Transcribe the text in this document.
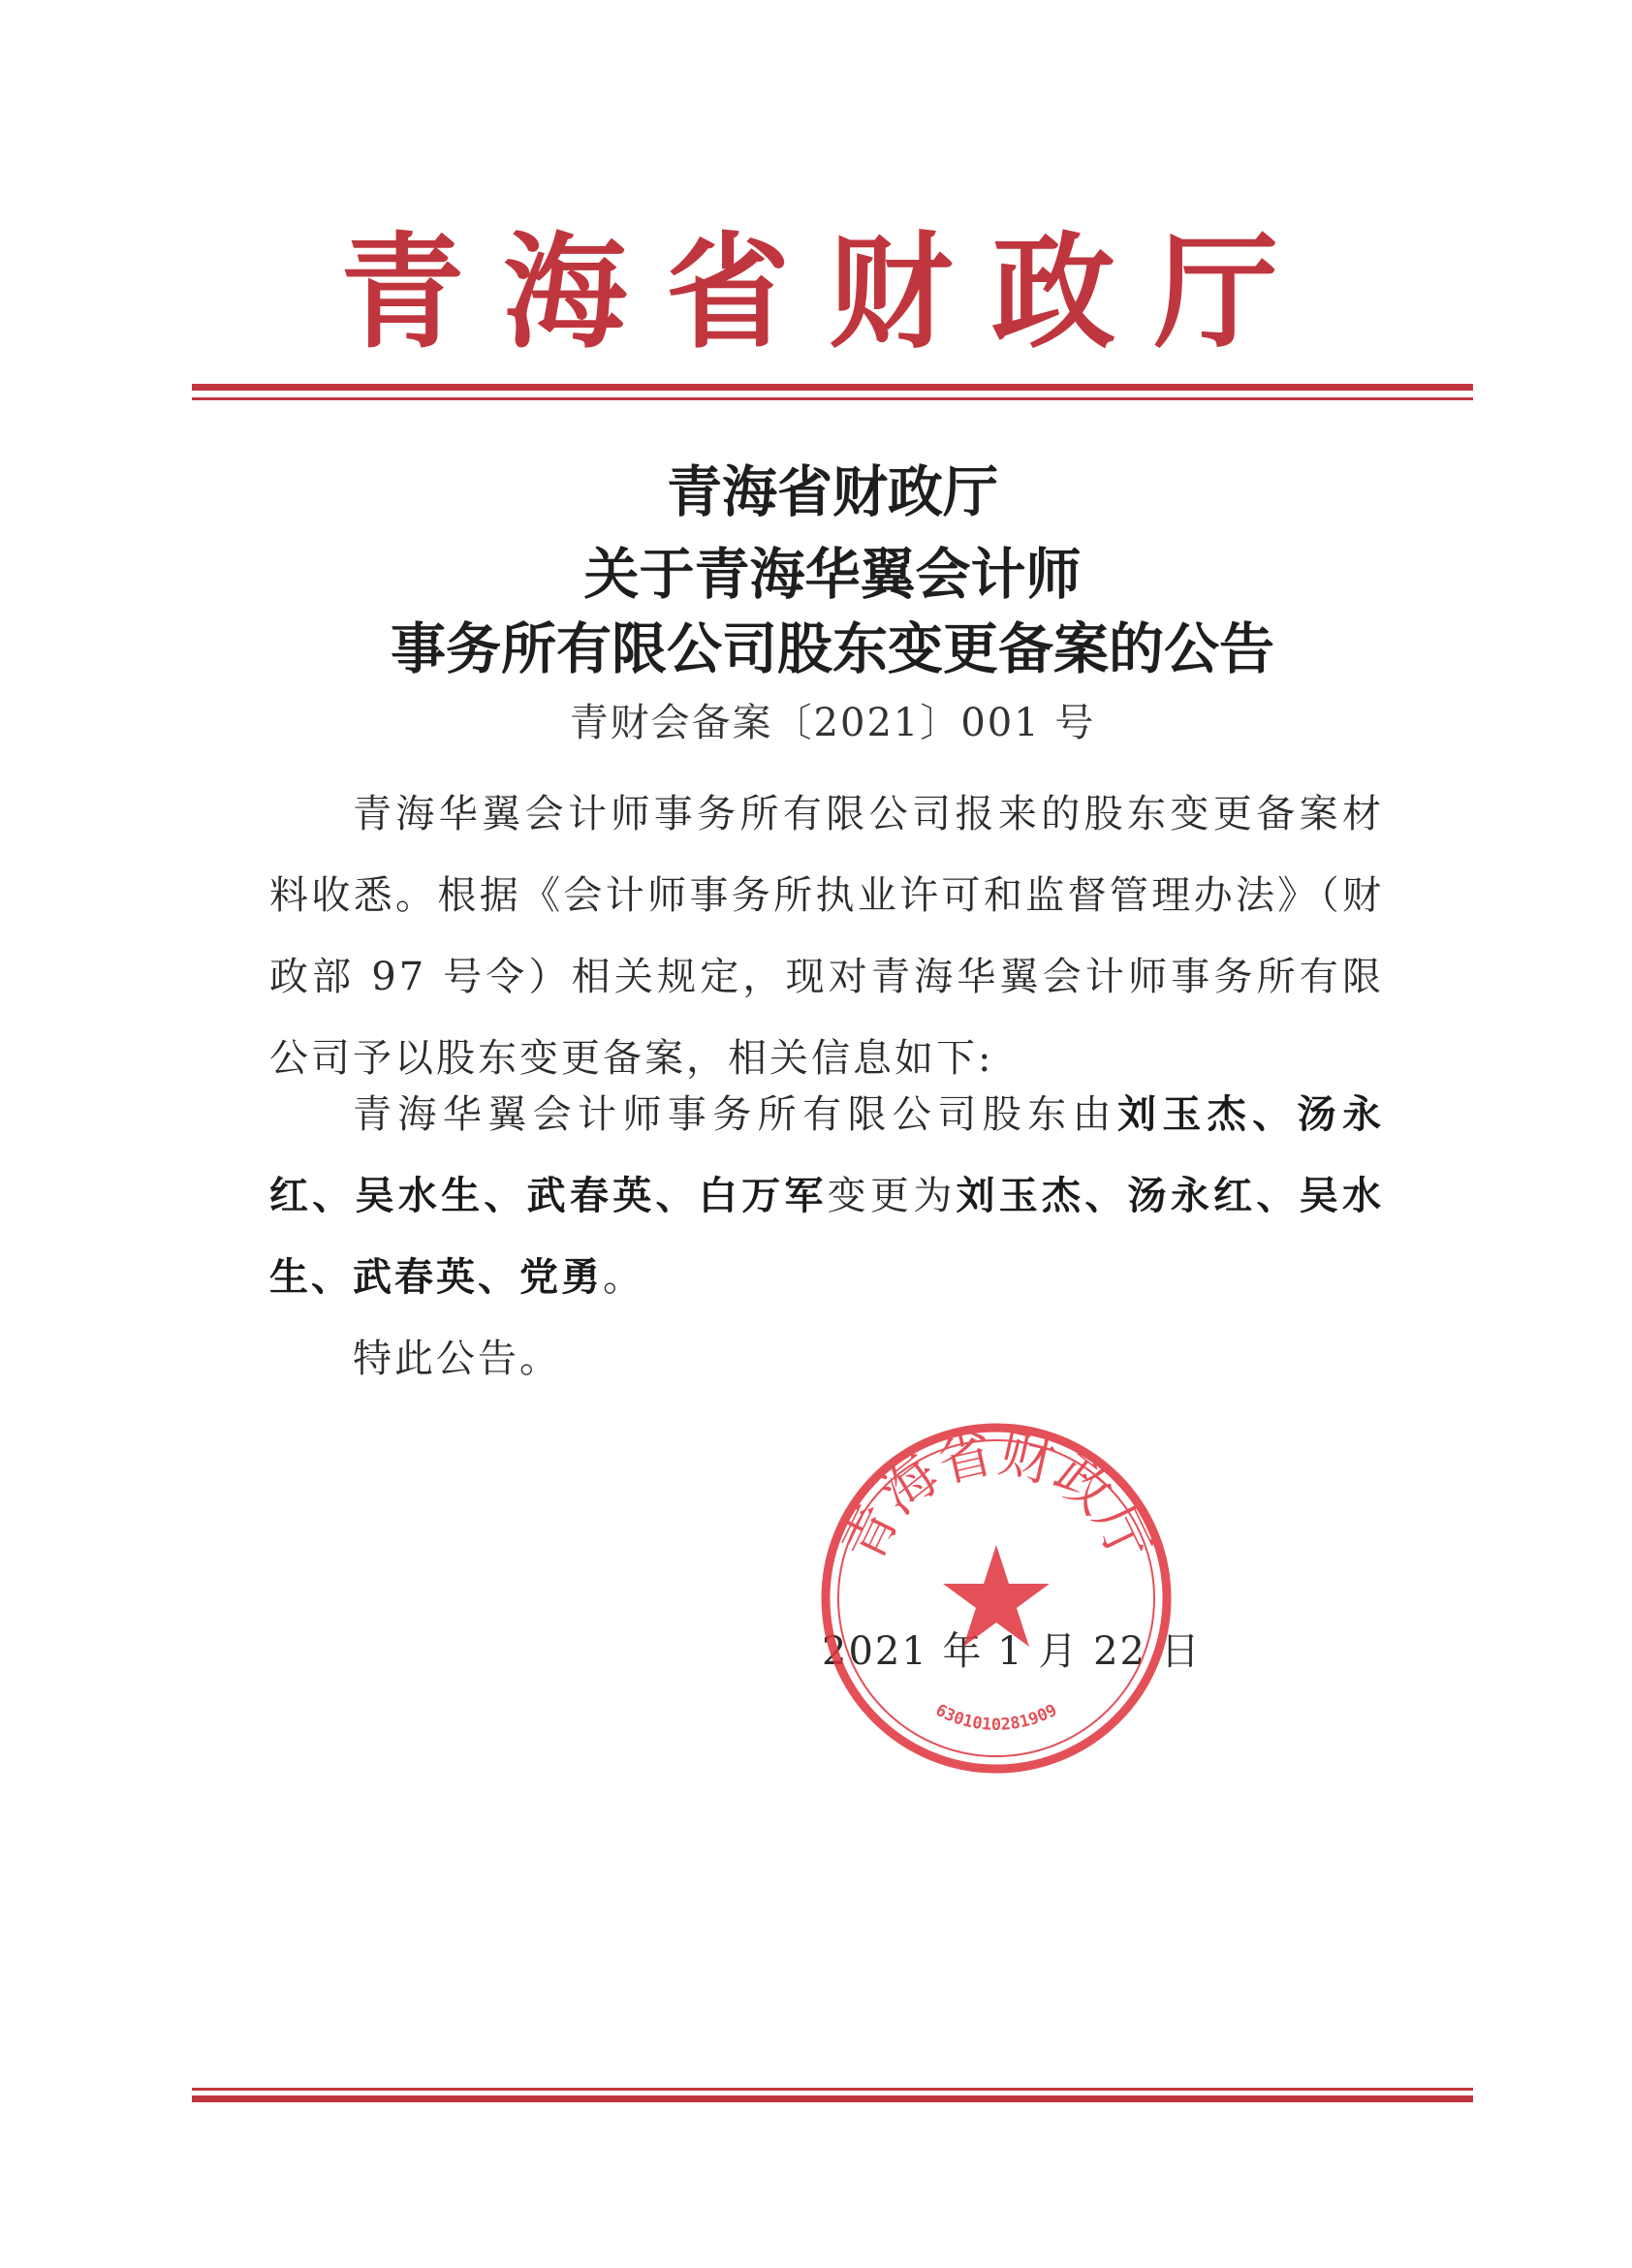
青海省财政厅
青海省财政厅
关于青海华翼会计师
事务所有限公司股东变更备案的公告
青财会备案〔2021〕001 号

青海华翼会计师事务所有限公司报来的股东变更备案材料收悉。根据《会计师事务所执业许可和监督管理办法》（财政部 97 号令）相关规定，现对青海华翼会计师事务所有限公司予以股东变更备案，相关信息如下:

青海华翼会计师事务所有限公司股东由刘玉杰、汤永红、吴水生、武春英、白万军变更为刘玉杰、汤永红、吴水生、武春英、党勇。

特此公告。

2021 年 1 月 22 日
青海省财政厅
6301010281909
